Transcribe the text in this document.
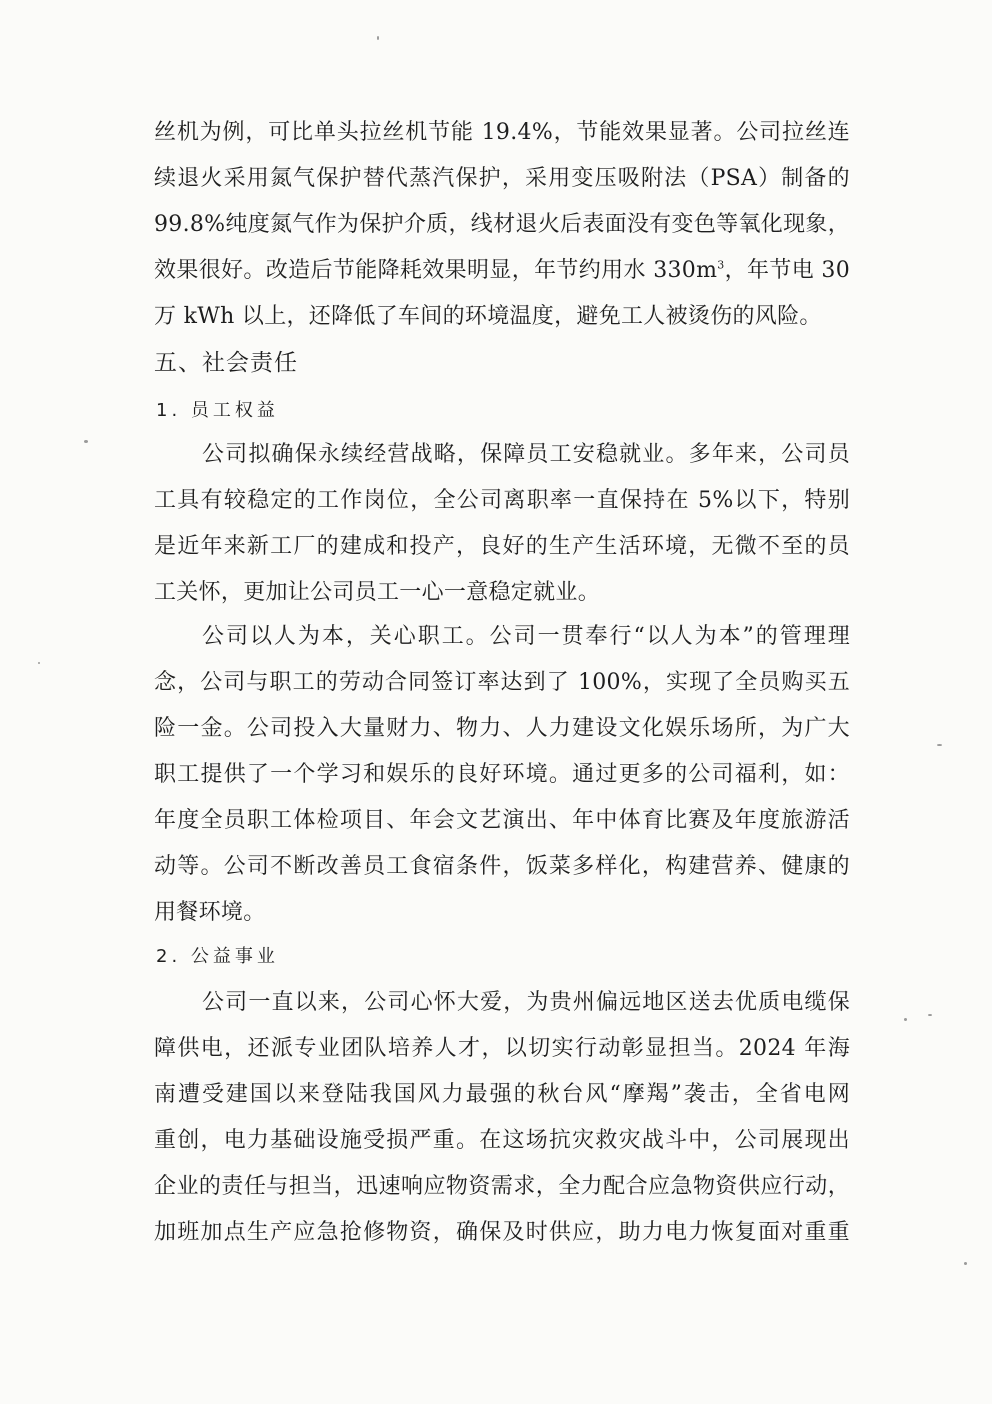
丝机为例，可比单头拉丝机节能 19.4%，节能效果显著。公司拉丝连
续退火采用氮气保护替代蒸汽保护，采用变压吸附法（PSA）制备的
99.8%纯度氮气作为保护介质，线材退火后表面没有变色等氧化现象，
效果很好。改造后节能降耗效果明显，年节约用水 $330m^3$，年节电 30
万 kWh 以上，还降低了车间的环境温度，避免工人被烫伤的风险。
五、社会责任
1. 员工权益
公司拟确保永续经营战略，保障员工安稳就业。多年来，公司员
工具有较稳定的工作岗位，全公司离职率一直保持在 5%以下，特别
是近年来新工厂的建成和投产，良好的生产生活环境，无微不至的员
工关怀，更加让公司员工一心一意稳定就业。
公司以人为本，关心职工。公司一贯奉行“以人为本”的管理理
念，公司与职工的劳动合同签订率达到了 100%，实现了全员购买五
险一金。公司投入大量财力、物力、人力建设文化娱乐场所，为广大
职工提供了一个学习和娱乐的良好环境。通过更多的公司福利，如：
年度全员职工体检项目、年会文艺演出、年中体育比赛及年度旅游活
动等。公司不断改善员工食宿条件，饭菜多样化，构建营养、健康的
用餐环境。
2. 公益事业
公司一直以来，公司心怀大爱，为贵州偏远地区送去优质电缆保
障供电，还派专业团队培养人才，以切实行动彰显担当。2024 年海
南遭受建国以来登陆我国风力最强的秋台风“摩羯”袭击，全省电网
重创，电力基础设施受损严重。在这场抗灾救灾战斗中，公司展现出
企业的责任与担当，迅速响应物资需求，全力配合应急物资供应行动，
加班加点生产应急抢修物资，确保及时供应，助力电力恢复面对重重
